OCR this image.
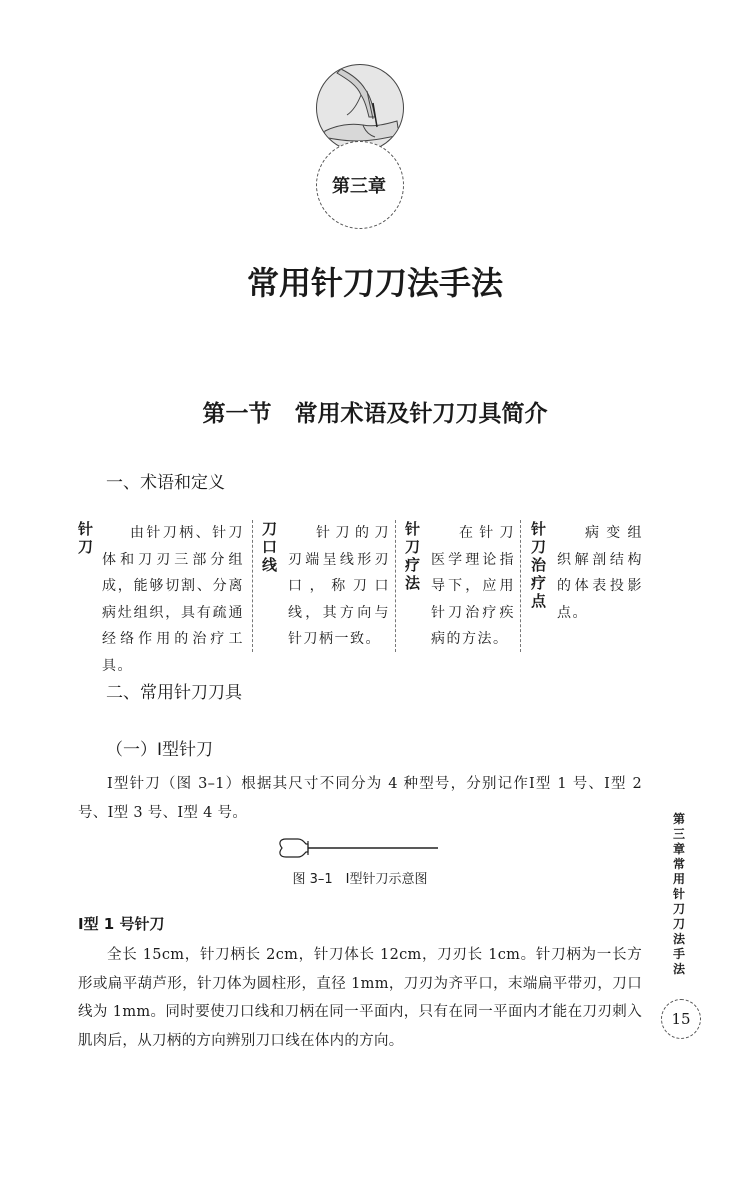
第三章
常用针刀刀法手法
第一节　常用术语及针刀刀具简介
一、术语和定义
针刀
由针刀柄、针刀体和刀刃三部分组成，能够切割、分离病灶组织，具有疏通经络作用的治疗工具。
刀口线
针刀的刀刃端呈线形刃口，称刀口线，其方向与针刀柄一致。
针刀疗法
在针刀医学理论指导下，应用针刀治疗疾病的方法。
针刀治疗点
病变组织解剖结构的体表投影点。
二、常用针刀刀具
（一）Ⅰ型针刀
Ⅰ型针刀（图 3–1）根据其尺寸不同分为 4 种型号，分别记作Ⅰ型 1 号、Ⅰ型 2 号、Ⅰ型 3 号、Ⅰ型 4 号。
图 3–1　Ⅰ型针刀示意图
Ⅰ型 1 号针刀
全长 15cm，针刀柄长 2cm，针刀体长 12cm，刀刃长 1cm。针刀柄为一长方形或扁平葫芦形，针刀体为圆柱形，直径 1mm，刀刃为齐平口，末端扁平带刃，刀口线为 1mm。同时要使刀口线和刀柄在同一平面内，只有在同一平面内才能在刀刃刺入肌肉后，从刀柄的方向辨别刀口线在体内的方向。
第三章　常用针刀刀法手法
15
